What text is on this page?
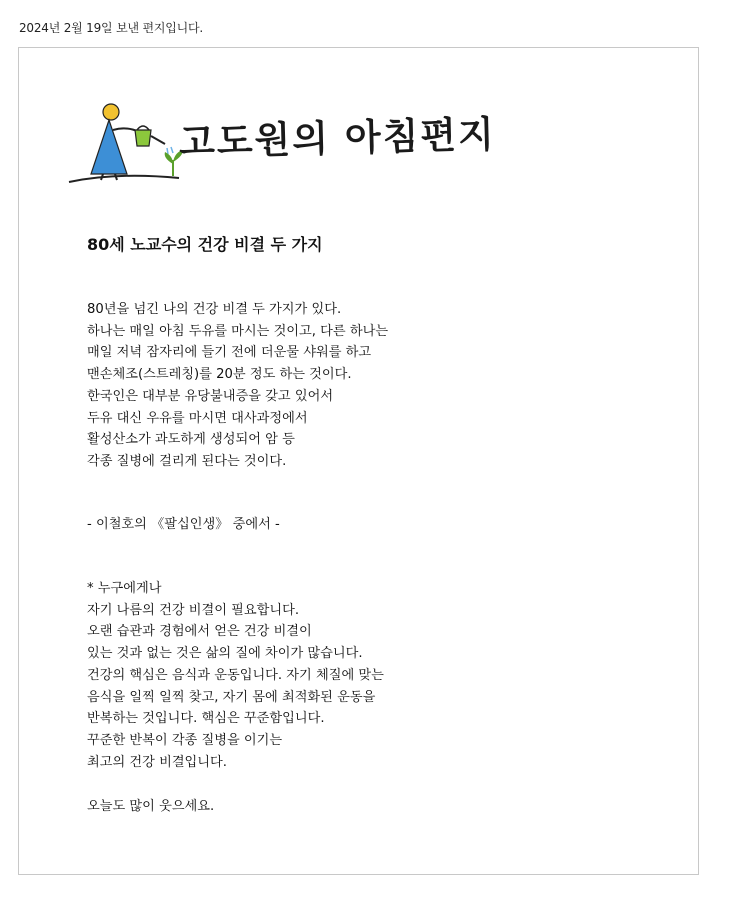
2024년 2월 19일 보낸 편지입니다.
고도원의 아침편지
80세 노교수의 건강 비결 두 가지
80년을 넘긴 나의 건강 비결 두 가지가 있다.
하나는 매일 아침 두유를 마시는 것이고, 다른 하나는
매일 저녁 잠자리에 들기 전에 더운물 샤워를 하고
맨손체조(스트레칭)를 20분 정도 하는 것이다.
한국인은 대부분 유당불내증을 갖고 있어서
두유 대신 우유를 마시면 대사과정에서
활성산소가 과도하게 생성되어 암 등
각종 질병에 걸리게 된다는 것이다.
- 이철호의 《팔십인생》 중에서 -
* 누구에게나
자기 나름의 건강 비결이 필요합니다.
오랜 습관과 경험에서 얻은 건강 비결이
있는 것과 없는 것은 삶의 질에 차이가 많습니다.
건강의 핵심은 음식과 운동입니다. 자기 체질에 맞는
음식을 일찍 일찍 찾고, 자기 몸에 최적화된 운동을
반복하는 것입니다. 핵심은 꾸준함입니다.
꾸준한 반복이 각종 질병을 이기는
최고의 건강 비결입니다.
오늘도 많이 웃으세요.
